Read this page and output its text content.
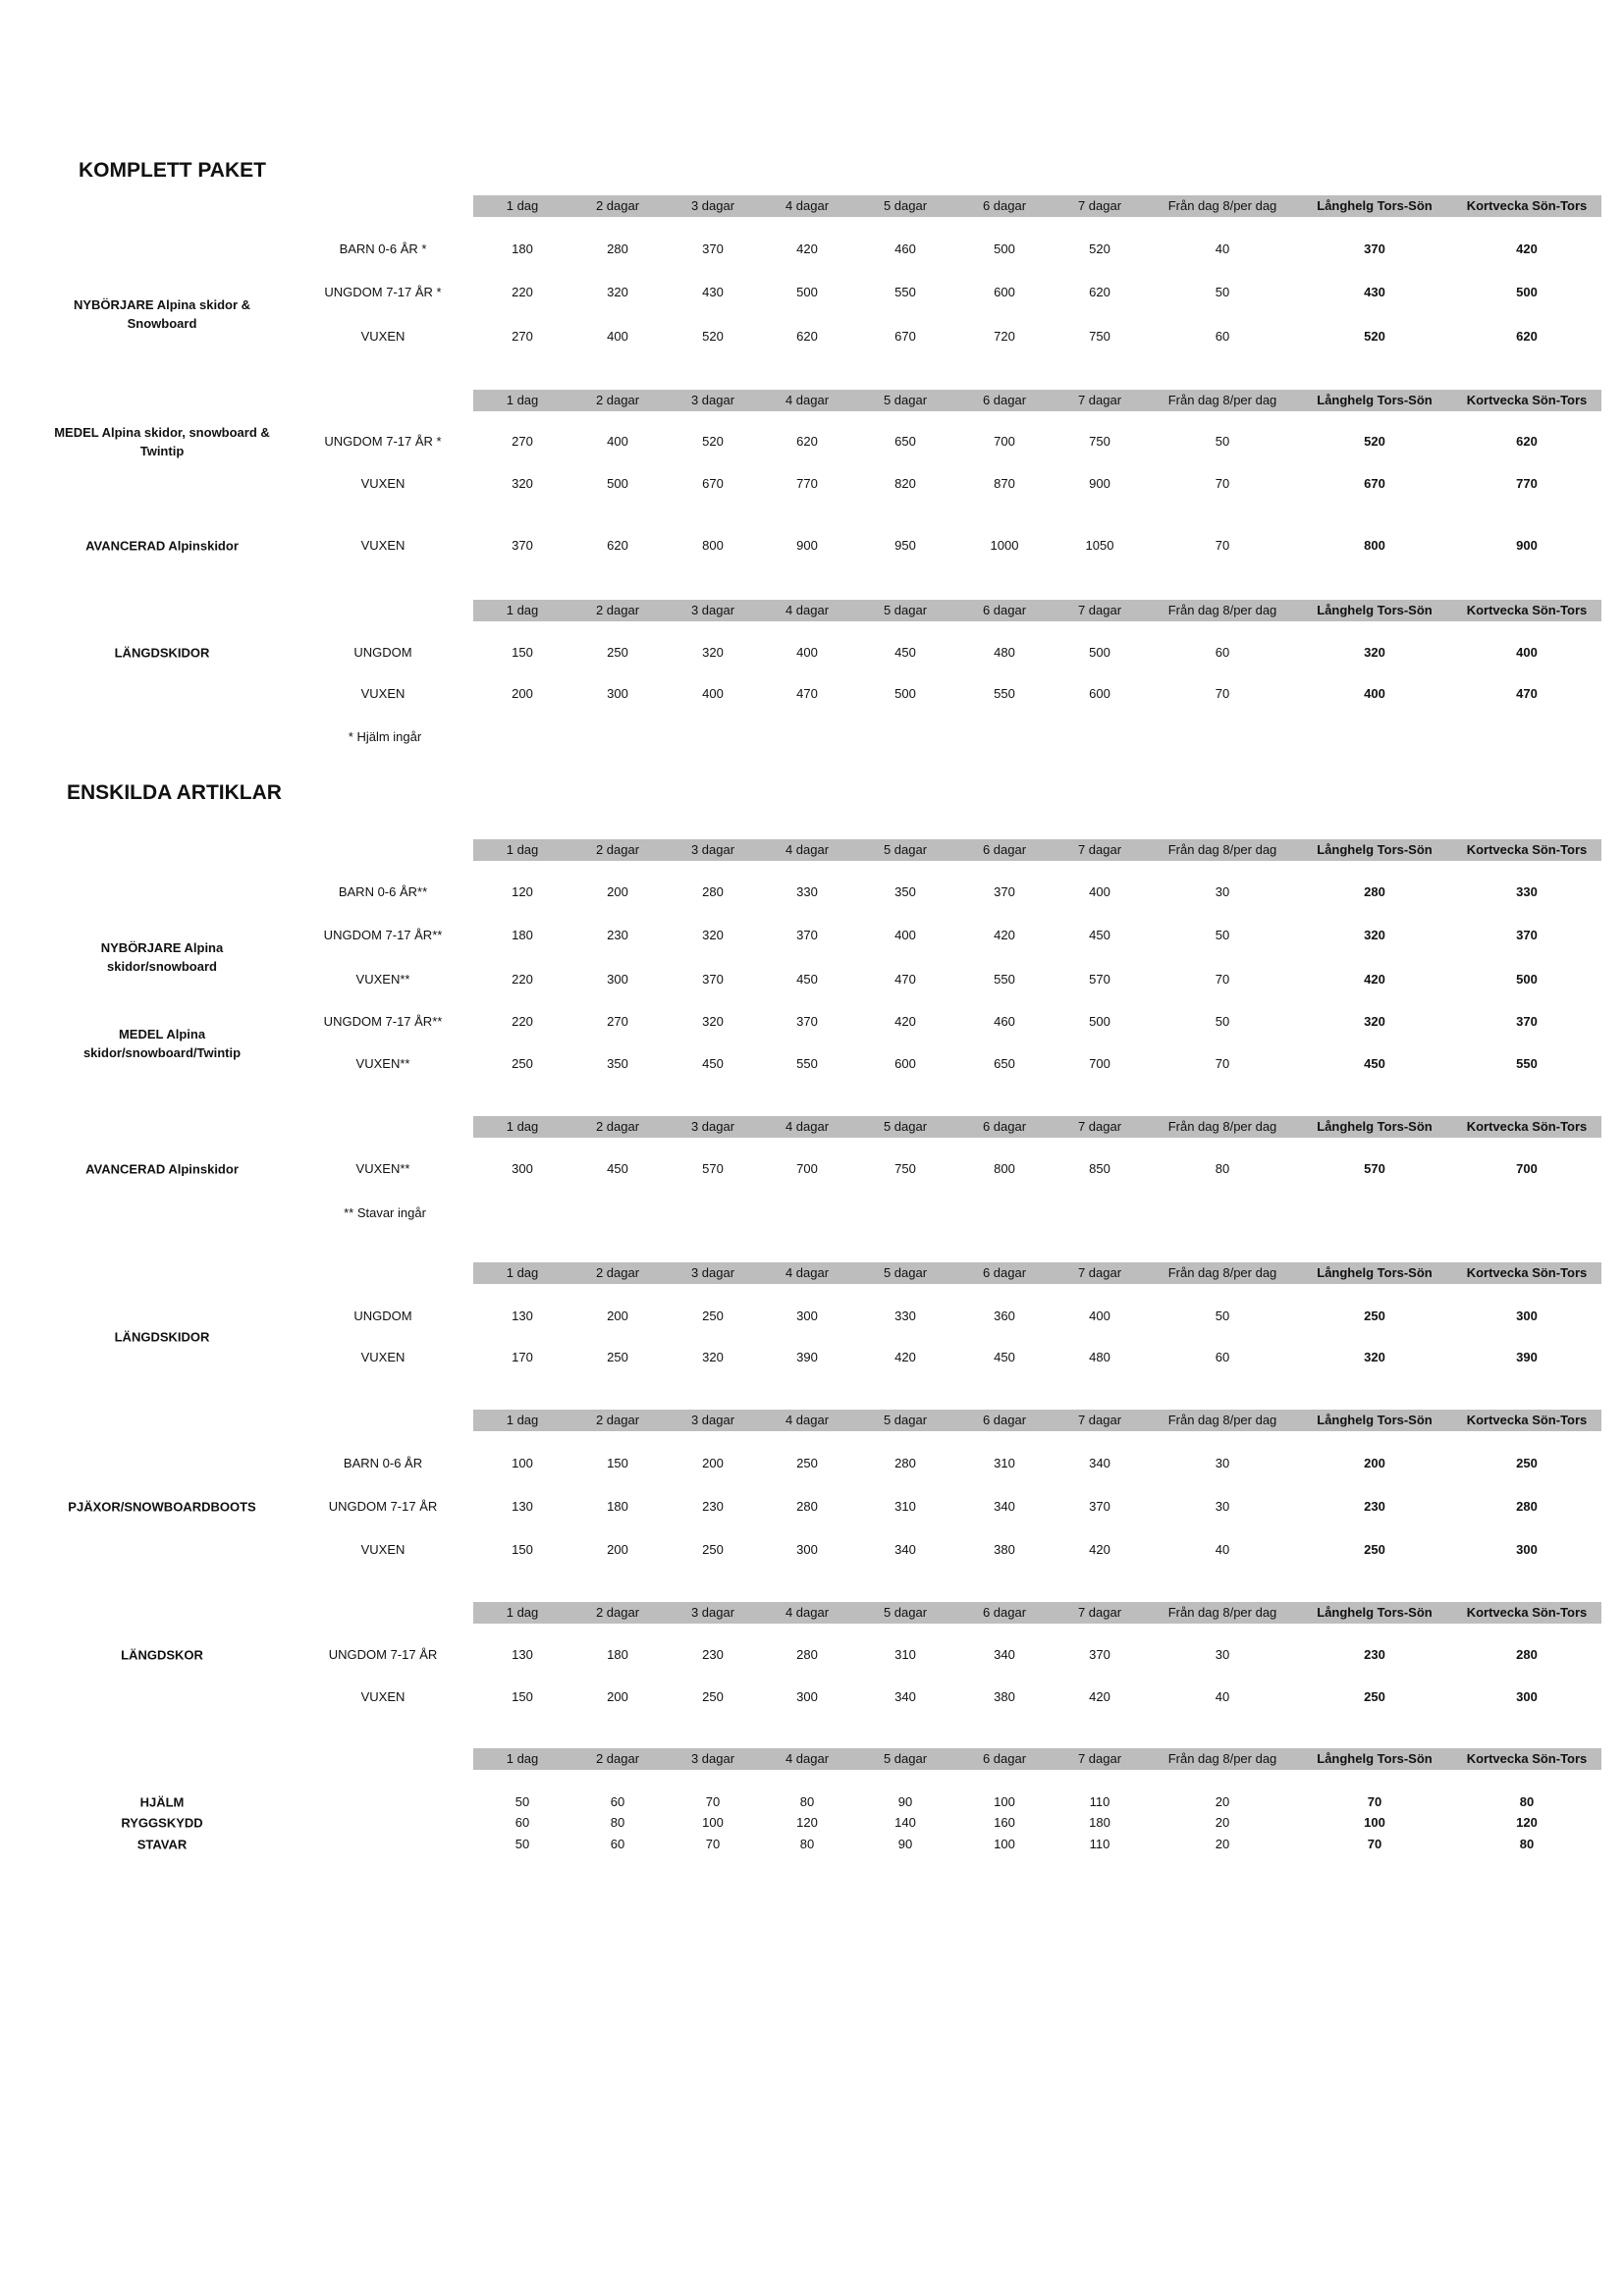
KOMPLETT PAKET
1 dag	2 dagar	3 dagar	4 dagar	5 dagar	6 dagar	7 dagar	Från dag 8/per dag	Långhelg Tors-Sön	Kortvecka Sön-Tors
NYBÖRJARE Alpina skidor & Snowboard
BARN 0-6 ÅR *	180	280	370	420	460	500	520	40	370	420
UNGDOM 7-17 ÅR *	220	320	430	500	550	600	620	50	430	500
VUXEN	270	400	520	620	670	720	750	60	520	620
1 dag	2 dagar	3 dagar	4 dagar	5 dagar	6 dagar	7 dagar	Från dag 8/per dag	Långhelg Tors-Sön	Kortvecka Sön-Tors
MEDEL Alpina skidor, snowboard & Twintip
UNGDOM 7-17 ÅR *	270	400	520	620	650	700	750	50	520	620
VUXEN	320	500	670	770	820	870	900	70	670	770
AVANCERAD Alpinskidor	VUXEN	370	620	800	900	950	1000	1050	70	800	900
1 dag	2 dagar	3 dagar	4 dagar	5 dagar	6 dagar	7 dagar	Från dag 8/per dag	Långhelg Tors-Sön	Kortvecka Sön-Tors
LÄNGDSKIDOR	UNGDOM	150	250	320	400	450	480	500	60	320	400
VUXEN	200	300	400	470	500	550	600	70	400	470
* Hjälm ingår
ENSKILDA ARTIKLAR
1 dag	2 dagar	3 dagar	4 dagar	5 dagar	6 dagar	7 dagar	Från dag 8/per dag	Långhelg Tors-Sön	Kortvecka Sön-Tors
NYBÖRJARE Alpina skidor/snowboard
BARN 0-6 ÅR**	120	200	280	330	350	370	400	30	280	330
UNGDOM 7-17 ÅR**	180	230	320	370	400	420	450	50	320	370
VUXEN**	220	300	370	450	470	550	570	70	420	500
MEDEL Alpina skidor/snowboard/Twintip
UNGDOM 7-17 ÅR**	220	270	320	370	420	460	500	50	320	370
VUXEN**	250	350	450	550	600	650	700	70	450	550
1 dag	2 dagar	3 dagar	4 dagar	5 dagar	6 dagar	7 dagar	Från dag 8/per dag	Långhelg Tors-Sön	Kortvecka Sön-Tors
AVANCERAD Alpinskidor	VUXEN**	300	450	570	700	750	800	850	80	570	700
1 dag	2 dagar	3 dagar	4 dagar	5 dagar	6 dagar	7 dagar	Från dag 8/per dag	Långhelg Tors-Sön	Kortvecka Sön-Tors
LÄNGDSKIDOR
UNGDOM	130	200	250	300	330	360	400	50	250	300
VUXEN	170	250	320	390	420	450	480	60	320	390
1 dag	2 dagar	3 dagar	4 dagar	5 dagar	6 dagar	7 dagar	Från dag 8/per dag	Långhelg Tors-Sön	Kortvecka Sön-Tors
PJÄXOR/SNOWBOARDBOOTS
BARN 0-6 ÅR	100	150	200	250	280	310	340	30	200	250
UNGDOM 7-17 ÅR	130	180	230	280	310	340	370	30	230	280
VUXEN	150	200	250	300	340	380	420	40	250	300
1 dag	2 dagar	3 dagar	4 dagar	5 dagar	6 dagar	7 dagar	Från dag 8/per dag	Långhelg Tors-Sön	Kortvecka Sön-Tors
LÄNGDSKOR	UNGDOM 7-17 ÅR	130	180	230	280	310	340	370	30	230	280
VUXEN	150	200	250	300	340	380	420	40	250	300
1 dag	2 dagar	3 dagar	4 dagar	5 dagar	6 dagar	7 dagar	Från dag 8/per dag	Långhelg Tors-Sön	Kortvecka Sön-Tors
HJÄLM	50	60	70	80	90	100	110	20	70	80
RYGGSKYDD	60	80	100	120	140	160	180	20	100	120
STAVAR	50	60	70	80	90	100	110	20	70	80
** Stavar ingår
